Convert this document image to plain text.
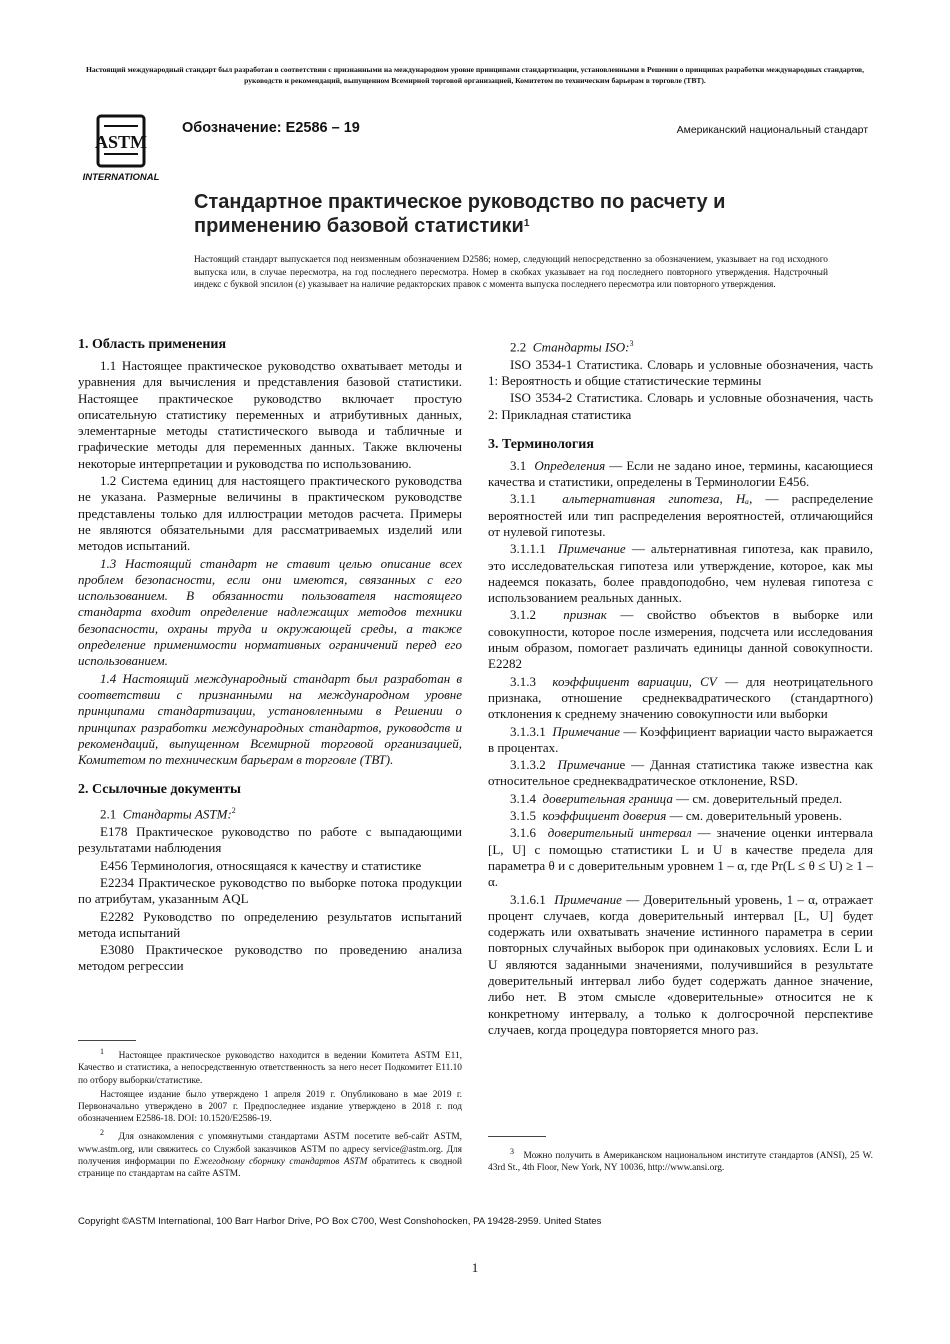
Настоящий международный стандарт был разработан в соответствии с признанными на международном уровне принципами стандартизации, установленными в Решении о принципах разработки международных стандартов, руководств и рекомендаций, выпущенном Всемирной торговой организацией, Комитетом по техническим барьерам в торговле (ТВТ).
ASTM
INTERNATIONAL
Обозначение: E2586 – 19	Американский национальный стандарт
Стандартное практическое руководство по расчету и применению базовой статистики$^1$
Настоящий стандарт выпускается под неизменным обозначением D2586; номер, следующий непосредственно за обозначением, указывает на год исходного выпуска или, в случае пересмотра, на год последнего пересмотра. Номер в скобках указывает на год последнего повторного утверждения. Надстрочный индекс с буквой эпсилон (ε) указывает на наличие редакторских правок с момента выпуска последнего пересмотра или повторного утверждения.
1. Область применения

1.1 Настоящее практическое руководство охватывает методы и уравнения для вычисления и представления базовой статистики. Настоящее практическое руководство включает простую описательную статистику переменных и атрибутивных данных, элементарные методы статистического вывода и табличные и графические методы для переменных данных. Также включены некоторые интерпретации и руководства по использованию.

1.2 Система единиц для настоящего практического руководства не указана. Размерные величины в практическом руководстве представлены только для иллюстрации методов расчета. Примеры не являются обязательными для рассматриваемых изделий или методов испытаний.

1.3 Настоящий стандарт не ставит целью описание всех проблем безопасности, если они имеются, связанных с его использованием. В обязанности пользователя настоящего стандарта входит определение надлежащих методов техники безопасности, охраны труда и окружающей среды, а также определение применимости нормативных ограничений перед его использованием.

1.4 Настоящий международный стандарт был разработан в соответствии с признанными на международном уровне принципами стандартизации, установленными в Решении о принципах разработки международных стандартов, руководств и рекомендаций, выпущенном Всемирной торговой организацией, Комитетом по техническим барьерам в торговле (ТВТ).

2. Ссылочные документы

2.1 Стандарты ASTM:$^2$

E178 Практическое руководство по работе с выпадающими результатами наблюдения

E456 Терминология, относящаяся к качеству и статистике

E2234 Практическое руководство по выборке потока продукции по атрибутам, указанным AQL

E2282 Руководство по определению результатов испытаний метода испытаний

E3080 Практическое руководство по проведению анализа методом регрессии

$^1$ Настоящее практическое руководство находится в ведении Комитета ASTM E11, Качество и статистика, а непосредственную ответственность за него несет Подкомитет E11.10 по отбору выборки/статистике.

Настоящее издание было утверждено 1 апреля 2019 г. Опубликовано в мае 2019 г. Первоначально утверждено в 2007 г. Предпоследнее издание утверждено в 2018 г. под обозначением E2586-18. DOI: 10.1520/E2586-19.

$^2$ Для ознакомления с упомянутыми стандартами ASTM посетите веб-сайт ASTM, www.astm.org, или свяжитесь со Службой заказчиков ASTM по адресу service@astm.org. Для получения информации по Ежегодному сборнику стандартов ASTM обратитесь к сводной странице по стандартам на сайте ASTM.

2.2 Стандарты ISO:$^3$

ISO 3534-1 Статистика. Словарь и условные обозначения, часть 1: Вероятность и общие статистические термины

ISO 3534-2 Статистика. Словарь и условные обозначения, часть 2: Прикладная статистика

3. Терминология

3.1 Определения — Если не задано иное, термины, касающиеся качества и статистики, определены в Терминологии E456.

3.1.1 альтернативная гипотеза, Hₐ, — распределение вероятностей или тип распределения вероятностей, отличающийся от нулевой гипотезы.

3.1.1.1 Примечание — альтернативная гипотеза, как правило, это исследовательская гипотеза или утверждение, которое, как мы надеемся показать, более правдоподобно, чем нулевая гипотеза с использованием реальных данных.

3.1.2 признак — свойство объектов в выборке или совокупности, которое после измерения, подсчета или исследования иным образом, помогает различать единицы данной совокупности. E2282

3.1.3 коэффициент вариации, CV — для неотрицательного признака, отношение среднеквадратического (стандартного) отклонения к среднему значению совокупности или выборки

3.1.3.1 Примечание — Коэффициент вариации часто выражается в процентах.

3.1.3.2 Примечание — Данная статистика также известна как относительное среднеквадратическое отклонение, RSD.

3.1.4 доверительная граница — см. доверительный предел.

3.1.5 коэффициент доверия — см. доверительный уровень.

3.1.6 доверительный интервал — значение оценки интервала [L, U] с помощью статистики L и U в качестве предела для параметра θ и с доверительным уровнем 1 – α, где Pr(L ≤ θ ≤ U) ≥ 1 – α.

3.1.6.1 Примечание — Доверительный уровень, 1 – α, отражает процент случаев, когда доверительный интервал [L, U] будет содержать или охватывать значение истинного параметра в серии повторных случайных выборок при одинаковых условиях. Если L и U являются заданными значениями, получившийся в результате доверительный интервал либо будет содержать данное значение, либо нет. В этом смысле «доверительные» относится не к конкретному интервалу, а только к долгосрочной перспективе случаев, когда процедура повторяется много раз.

$^3$ Можно получить в Американском национальном институте стандартов (ANSI), 25 W. 43rd St., 4th Floor, New York, NY 10036, http://www.ansi.org.

Copyright ©ASTM International, 100 Barr Harbor Drive, PO Box C700, West Conshohocken, PA 19428-2959. United States
1
